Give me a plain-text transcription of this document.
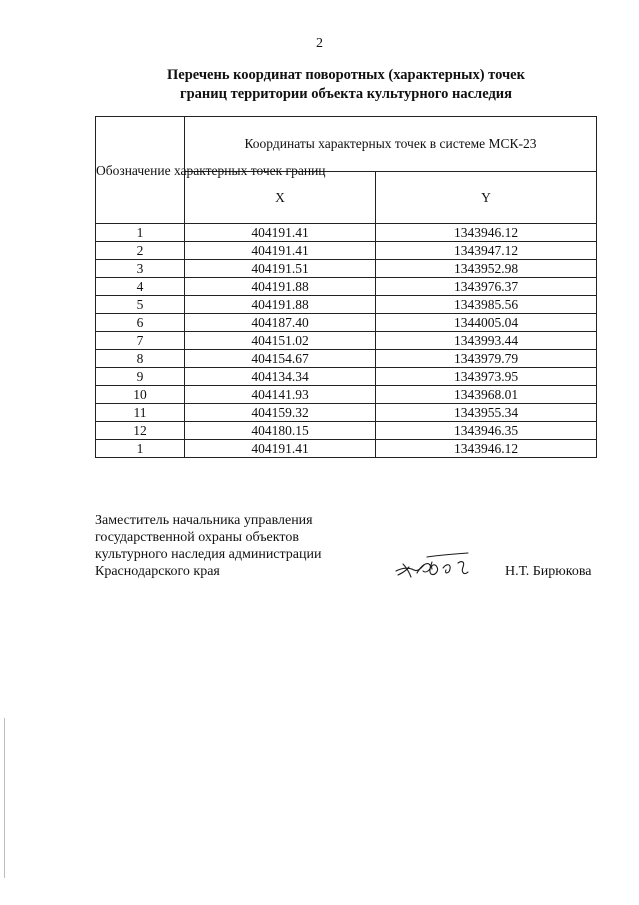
2
Перечень координат поворотных (характерных) точек
границ территории объекта культурного наследия
Обозначение характерных точек границ	Координаты характерных точек в системе МСК-23	
	X	Y
1	404191.41	1343946.12
2	404191.41	1343947.12
3	404191.51	1343952.98
4	404191.88	1343976.37
5	404191.88	1343985.56
6	404187.40	1344005.04
7	404151.02	1343993.44
8	404154.67	1343979.79
9	404134.34	1343973.95
10	404141.93	1343968.01
11	404159.32	1343955.34
12	404180.15	1343946.35
1	404191.41	1343946.12
Заместитель начальника управления
государственной охраны объектов
культурного наследия администрации
Краснодарского края	Н.Т. Бирюкова
